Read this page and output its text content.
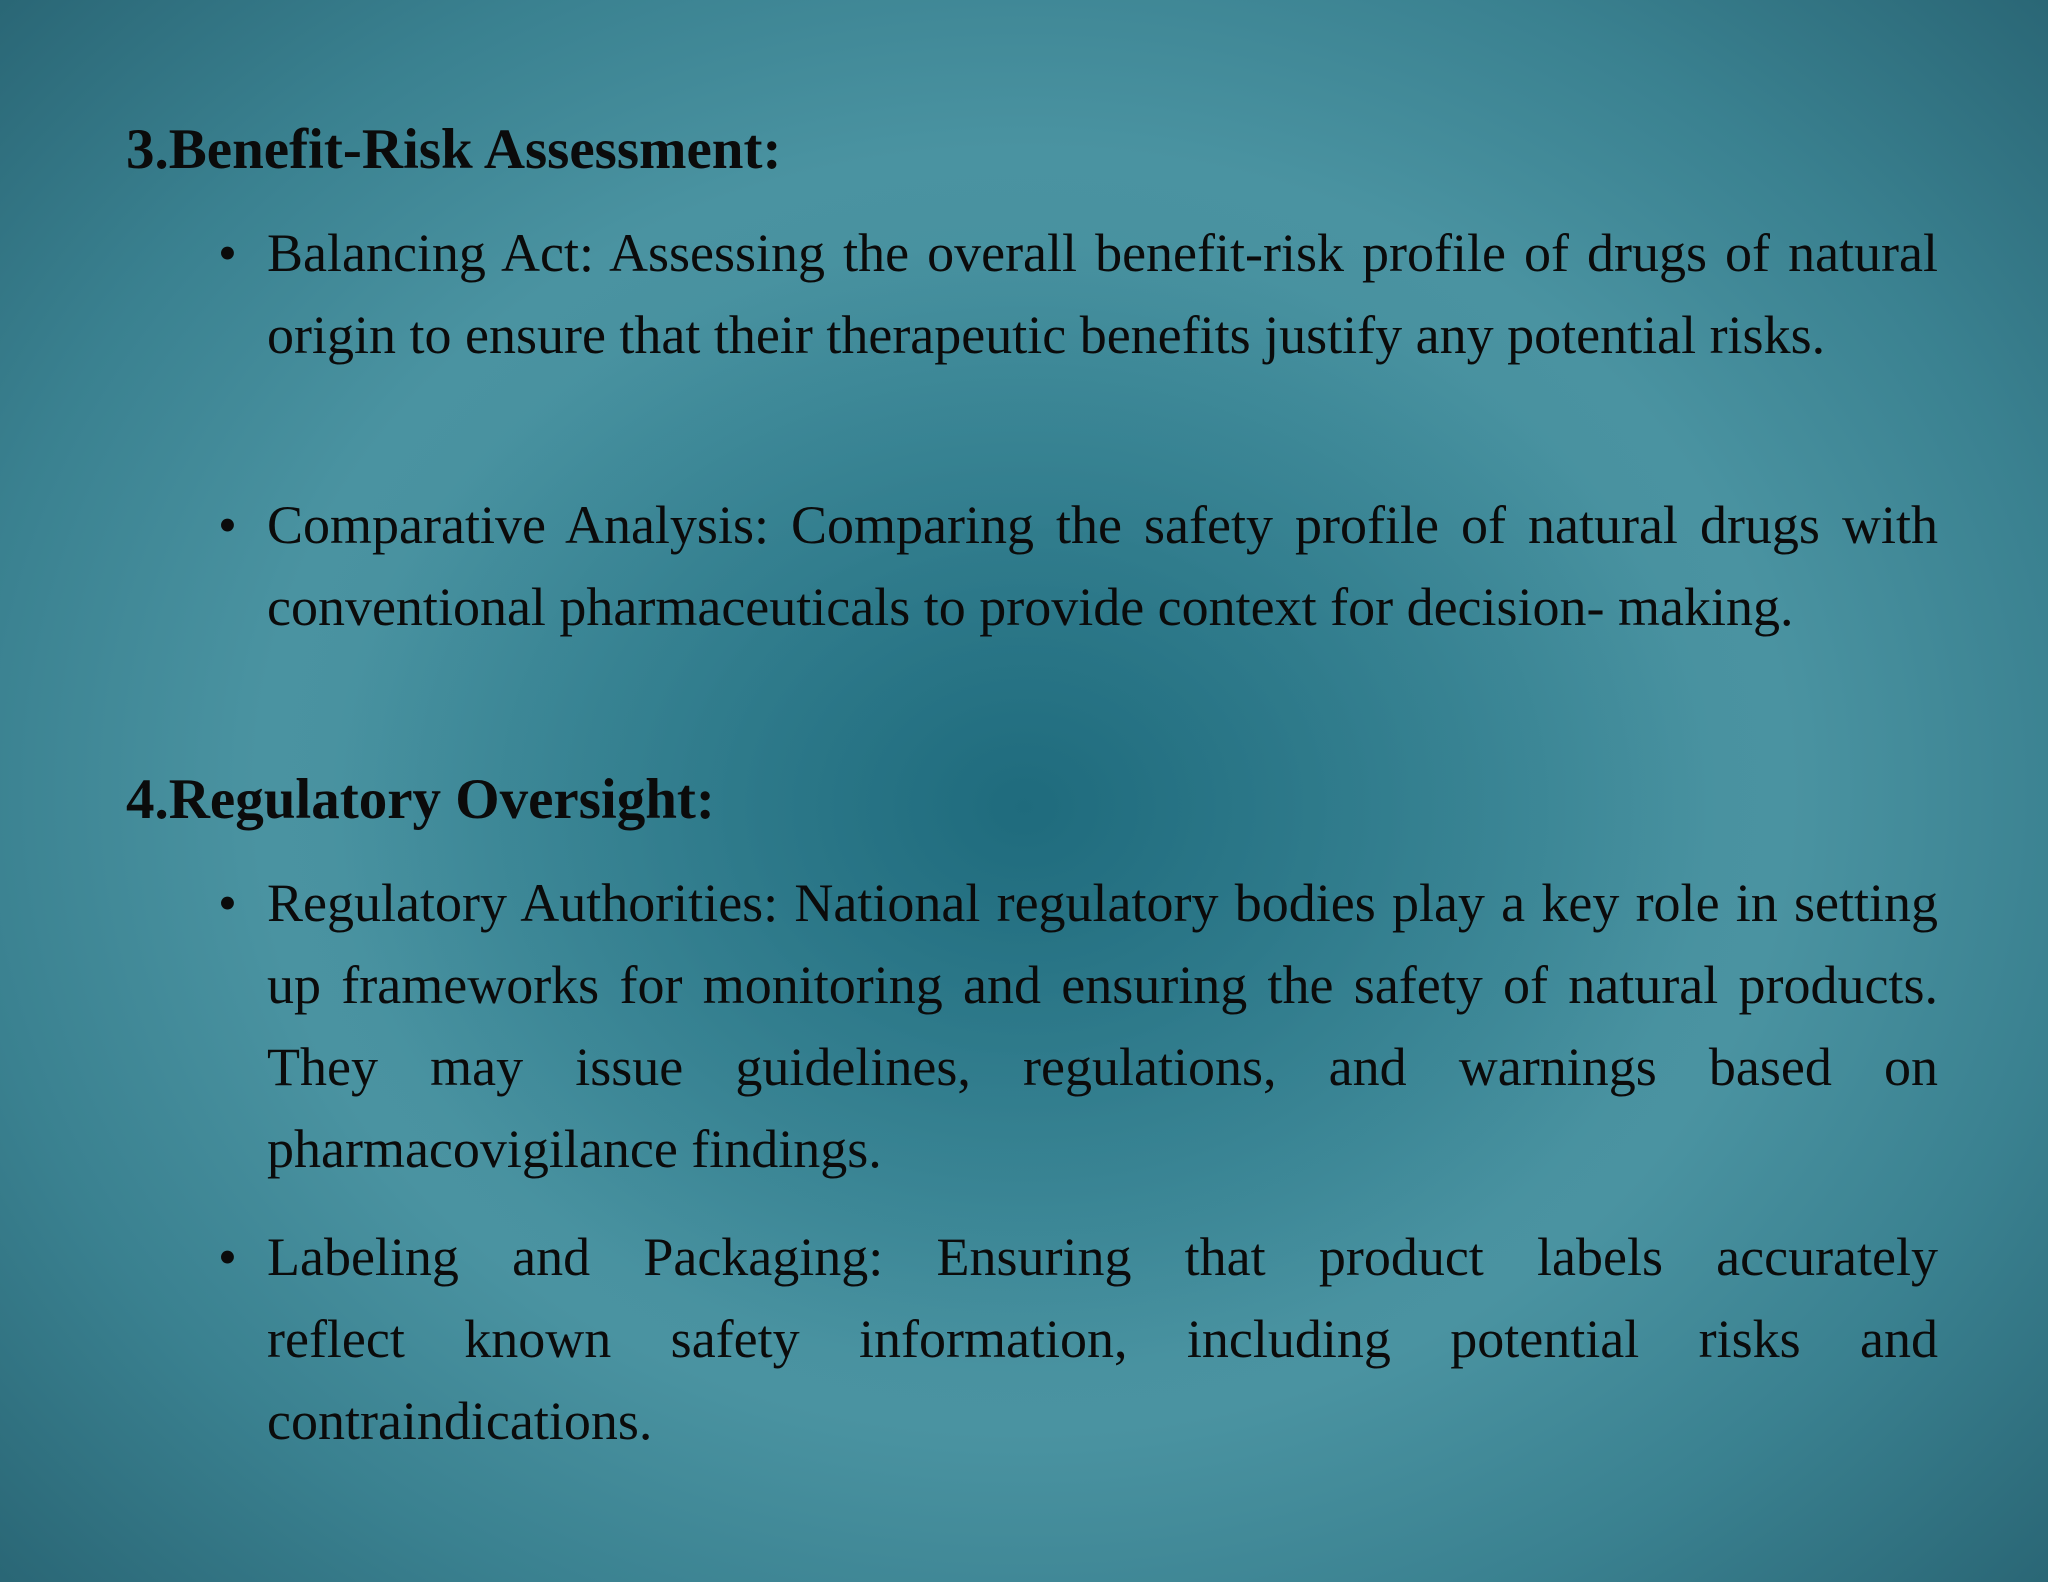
3.Benefit-Risk Assessment:
• Balancing Act: Assessing the overall benefit-risk profile of drugs of natural origin to ensure that their therapeutic benefits justify any potential risks.

• Comparative Analysis: Comparing the safety profile of natural drugs with conventional pharmaceuticals to provide context for decision- making.

4.Regulatory Oversight:
• Regulatory Authorities: National regulatory bodies play a key role in setting up frameworks for monitoring and ensuring the safety of natural products. They may issue guidelines, regulations, and warnings based on pharmacovigilance findings.

• Labeling and Packaging: Ensuring that product labels accurately reflect known safety information, including potential risks and contraindications.
